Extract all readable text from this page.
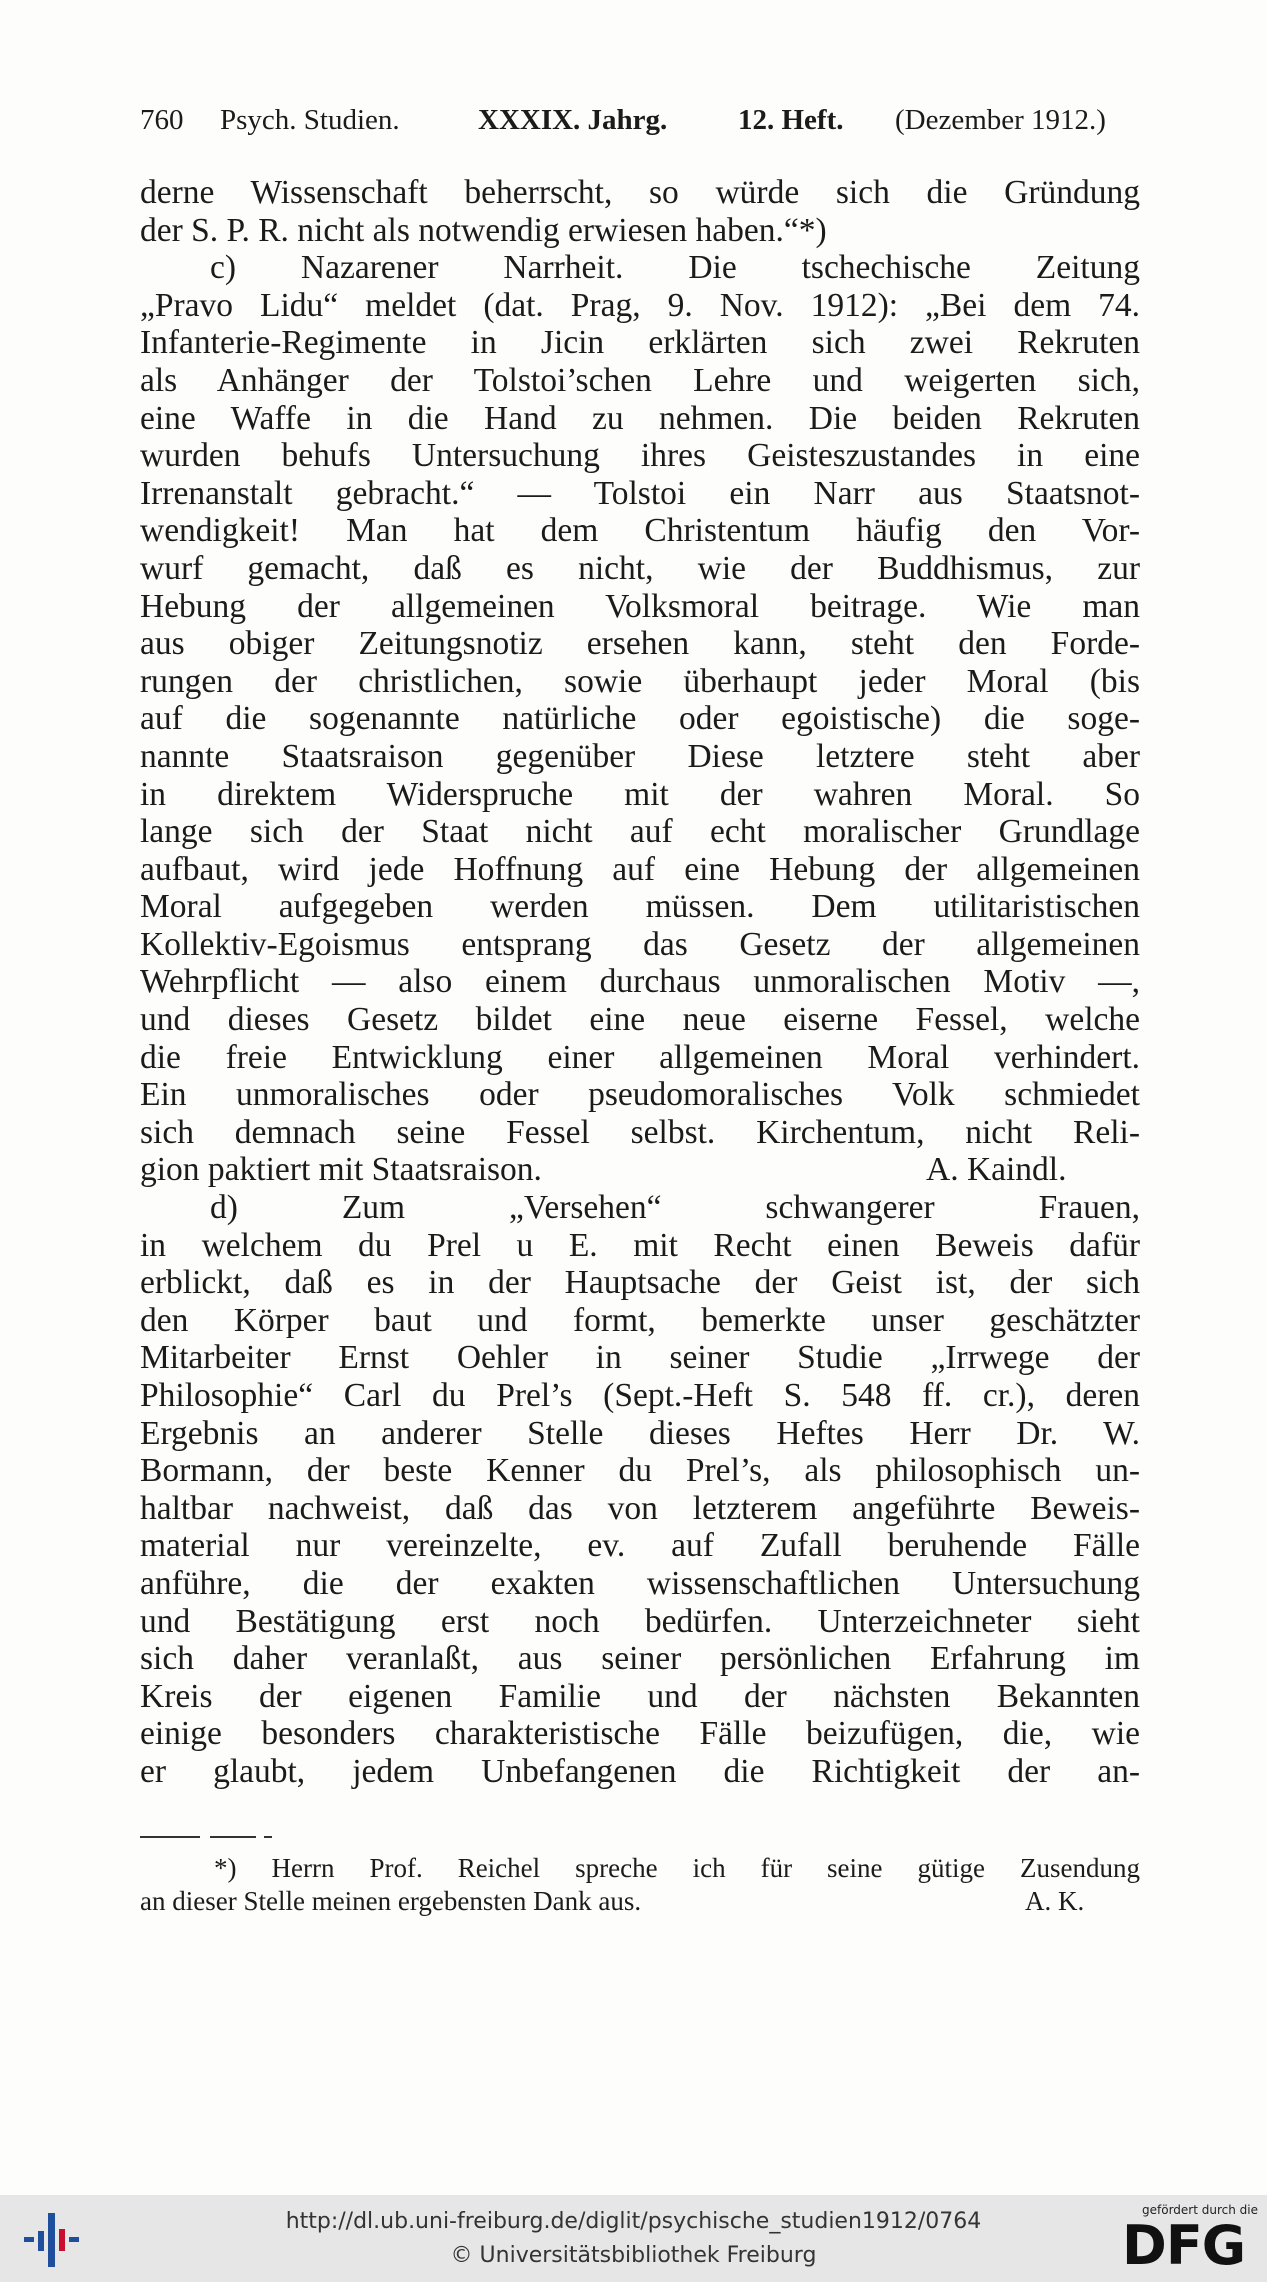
760 Psych. Studien.	XXXIX. Jahrg. 12. Heft. (Dezember 1912.)
derne Wissenschaft beherrscht, so würde sich die Gründung
der S. P. R. nicht als notwendig erwiesen haben.“*)
c) Nazarener Narrheit. Die tschechische Zeitung
„Pravo Lidu“ meldet (dat. Prag, 9. Nov. 1912): „Bei dem 74.
Infanterie-Regimente in Jicin erklärten sich zwei Rekruten
als Anhänger der Tolstoi’schen Lehre und weigerten sich,
eine Waffe in die Hand zu nehmen. Die beiden Rekruten
wurden behufs Untersuchung ihres Geisteszustandes in eine
Irrenanstalt gebracht.“ — Tolstoi ein Narr aus Staatsnot-
wendigkeit! Man hat dem Christentum häufig den Vor-
wurf gemacht, daß es nicht, wie der Buddhismus, zur
Hebung der allgemeinen Volksmoral beitrage. Wie man
aus obiger Zeitungsnotiz ersehen kann, steht den Forde-
rungen der christlichen, sowie überhaupt jeder Moral (bis
auf die sogenannte natürliche oder egoistische) die soge-
nannte Staatsraison gegenüber Diese letztere steht aber
in direktem Widerspruche mit der wahren Moral. So
lange sich der Staat nicht auf echt moralischer Grundlage
aufbaut, wird jede Hoffnung auf eine Hebung der allgemeinen
Moral aufgegeben werden müssen. Dem utilitaristischen
Kollektiv-Egoismus entsprang das Gesetz der allgemeinen
Wehrpflicht — also einem durchaus unmoralischen Motiv —,
und dieses Gesetz bildet eine neue eiserne Fessel, welche
die freie Entwicklung einer allgemeinen Moral verhindert.
Ein unmoralisches oder pseudomoralisches Volk schmiedet
sich demnach seine Fessel selbst. Kirchentum, nicht Reli-
gion paktiert mit Staatsraison.	A. Kaindl.
d) Zum „Versehen“ schwangerer Frauen,
in welchem du Prel u E. mit Recht einen Beweis dafür
erblickt, daß es in der Hauptsache der Geist ist, der sich
den Körper baut und formt, bemerkte unser geschätzter
Mitarbeiter Ernst Oehler in seiner Studie „Irrwege der
Philosophie“ Carl du Prel’s (Sept.-Heft S. 548 ff. cr.), deren
Ergebnis an anderer Stelle dieses Heftes Herr Dr. W.
Bormann, der beste Kenner du Prel’s, als philosophisch un-
haltbar nachweist, daß das von letzterem angeführte Beweis-
material nur vereinzelte, ev. auf Zufall beruhende Fälle
anführe, die der exakten wissenschaftlichen Untersuchung
und Bestätigung erst noch bedürfen. Unterzeichneter sieht
sich daher veranlaßt, aus seiner persönlichen Erfahrung im
Kreis der eigenen Familie und der nächsten Bekannten
einige besonders charakteristische Fälle beizufügen, die, wie
er glaubt, jedem Unbefangenen die Richtigkeit der an-
*) Herrn Prof. Reichel spreche ich für seine gütige Zusendung
an dieser Stelle meinen ergebensten Dank aus.	A. K.
http://dl.ub.uni-freiburg.de/diglit/psychische_studien1912/0764
© Universitätsbibliothek Freiburg
gefördert durch die
DFG
